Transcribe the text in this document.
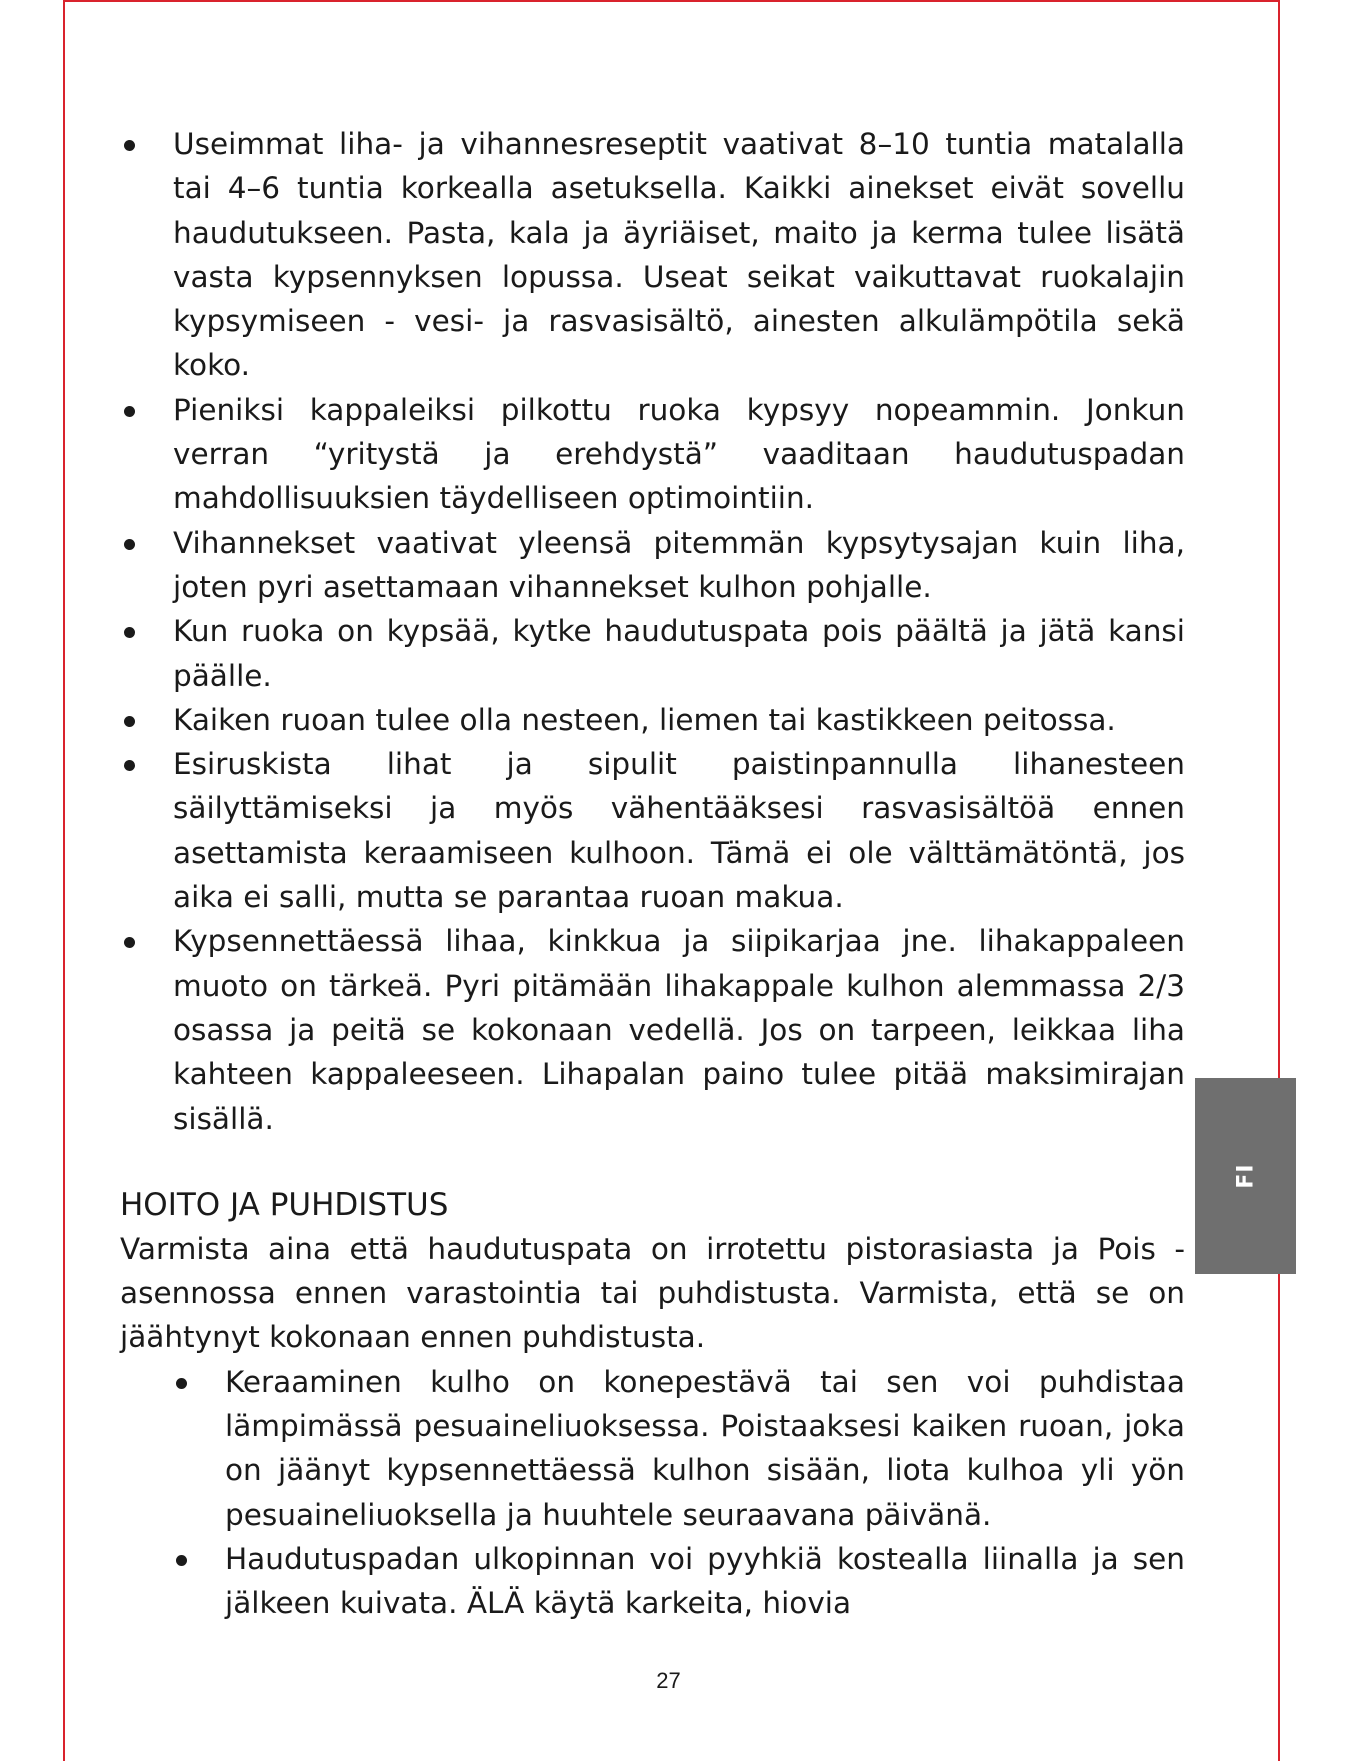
Useimmat liha- ja vihannesreseptit vaativat 8–10 tuntia matalalla tai 4–6 tuntia korkealla asetuksella. Kaikki ainekset eivät sovellu haudutukseen. Pasta, kala ja äyriäiset, maito ja kerma tulee lisätä vasta kypsennyksen lopussa. Useat seikat vaikuttavat ruokalajin kypsymiseen - vesi- ja rasvasisältö, ainesten alkulämpötila sekä koko.
Pieniksi kappaleiksi pilkottu ruoka kypsyy nopeammin. Jonkun verran “yritystä ja erehdystä” vaaditaan haudutuspadan mahdollisuuksien täydelliseen optimointiin.
Vihannekset vaativat yleensä pitemmän kypsytysajan kuin liha, joten pyri asettamaan vihannekset kulhon pohjalle.
Kun ruoka on kypsää, kytke haudutuspata pois päältä ja jätä kansi päälle.
Kaiken ruoan tulee olla nesteen, liemen tai kastikkeen peitossa.
Esiruskista lihat ja sipulit paistinpannulla lihanesteen säilyttämiseksi ja myös vähentääksesi rasvasisältöä ennen asettamista keraamiseen kulhoon. Tämä ei ole välttämätöntä, jos aika ei salli, mutta se parantaa ruoan makua.
Kypsennettäessä lihaa, kinkkua ja siipikarjaa jne. lihakappaleen muoto on tärkeä. Pyri pitämään lihakappale kulhon alemmassa 2/3 osassa ja peitä se kokonaan vedellä. Jos on tarpeen, leikkaa liha kahteen kappaleeseen. Lihapalan paino tulee pitää maksimirajan sisällä.
HOITO JA PUHDISTUS

Varmista aina että haudutuspata on irrotettu pistorasiasta ja Pois -asennossa ennen varastointia tai puhdistusta. Varmista, että se on jäähtynyt kokonaan ennen puhdistusta.

Keraaminen kulho on konepestävä tai sen voi puhdistaa lämpimässä pesuaineliuoksessa. Poistaaksesi kaiken ruoan, joka on jäänyt kypsennettäessä kulhon sisään, liota kulhoa yli yön pesuaineliuoksella ja huuhtele seuraavana päivänä.
Haudutuspadan ulkopinnan voi pyyhkiä kostealla liinalla ja sen jälkeen kuivata. ÄLÄ käytä karkeita, hiovia
FI
27
